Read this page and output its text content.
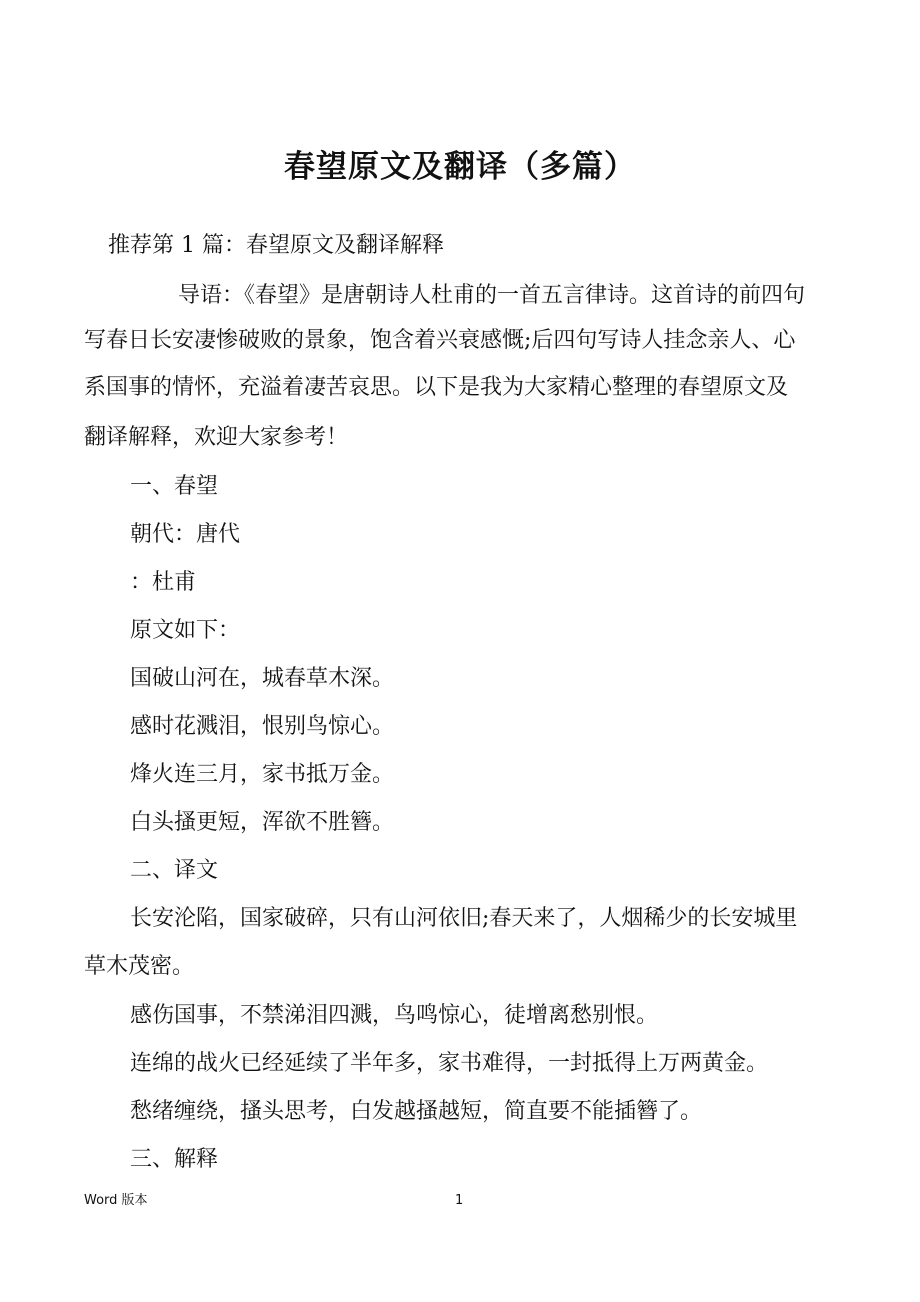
春望原文及翻译（多篇）
推荐第 1 篇：春望原文及翻译解释
导语：《春望》是唐朝诗人杜甫的一首五言律诗。这首诗的前四句
写春日长安凄惨破败的景象，饱含着兴衰感慨;后四句写诗人挂念亲人、心
系国事的情怀，充溢着凄苦哀思。以下是我为大家精心整理的春望原文及
翻译解释，欢迎大家参考！
一、春望
朝代：唐代
：杜甫
原文如下：
国破山河在，城春草木深。
感时花溅泪，恨别鸟惊心。
烽火连三月，家书抵万金。
白头搔更短，浑欲不胜簪。
二、译文
长安沦陷，国家破碎，只有山河依旧;春天来了，人烟稀少的长安城里
草木茂密。
感伤国事，不禁涕泪四溅，鸟鸣惊心，徒增离愁别恨。
连绵的战火已经延续了半年多，家书难得，一封抵得上万两黄金。
愁绪缠绕，搔头思考，白发越搔越短，简直要不能插簪了。
三、解释
Word 版本	1
